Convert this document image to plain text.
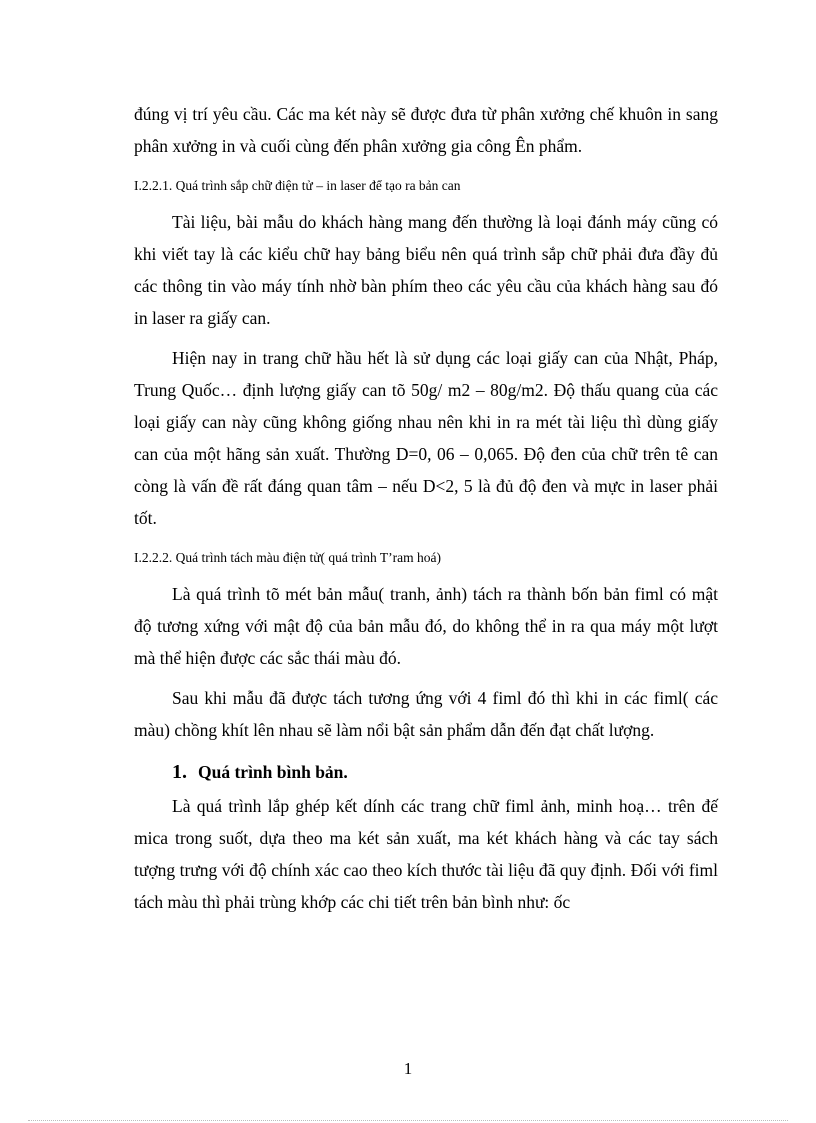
đúng vị trí yêu cầu. Các ma két này sẽ được đưa từ phân xưởng chế khuôn in sang phân xưởng in và cuối cùng đến phân xưởng gia công Ên phẩm.

I.2.2.1. Quá trình sắp chữ điện tử – in laser để tạo ra bản can

Tài liệu, bài mẫu do khách hàng mang đến thường là loại đánh máy cũng có khi viết tay là các kiểu chữ hay bảng biểu nên quá trình sắp chữ phải đưa đầy đủ các thông tin vào máy tính nhờ bàn phím theo các yêu cầu của khách hàng sau đó in laser ra giấy can.

Hiện nay in trang chữ hầu hết là sử dụng các loại giấy can của Nhật, Pháp, Trung Quốc… định lượng giấy can tõ 50g/ m2 – 80g/m2. Độ thấu quang của các loại giấy can này cũng không giống nhau nên khi in ra mét tài liệu thì dùng giấy can của một hãng sản xuất. Thường D=0, 06 – 0,065. Độ đen của chữ trên tê can còng là vấn đề rất đáng quan tâm – nếu D<2, 5 là đủ độ đen và mực in laser phải tốt.

I.2.2.2. Quá trình tách màu điện tử( quá trình T’ram hoá)

Là quá trình tõ mét bản mẫu( tranh, ảnh) tách ra thành bốn bản fiml có mật độ tương xứng với mật độ của bản mẫu đó, do không thể in ra qua máy một lượt mà thể hiện được các sắc thái màu đó.

Sau khi mẫu đã được tách tương ứng với 4 fiml đó thì khi in các fiml( các màu) chồng khít lên nhau sẽ làm nổi bật sản phẩm dẫn đến đạt chất lượng.

1. Quá trình bình bản.

Là quá trình lắp ghép kết dính các trang chữ fiml ảnh, minh hoạ… trên đế mica trong suốt, dựa theo ma két sản xuất, ma két khách hàng và các tay sách tượng trưng với độ chính xác cao theo kích thước tài liệu đã quy định. Đối với fiml tách màu thì phải trùng khớp các chi tiết trên bản bình như: ốc

1
